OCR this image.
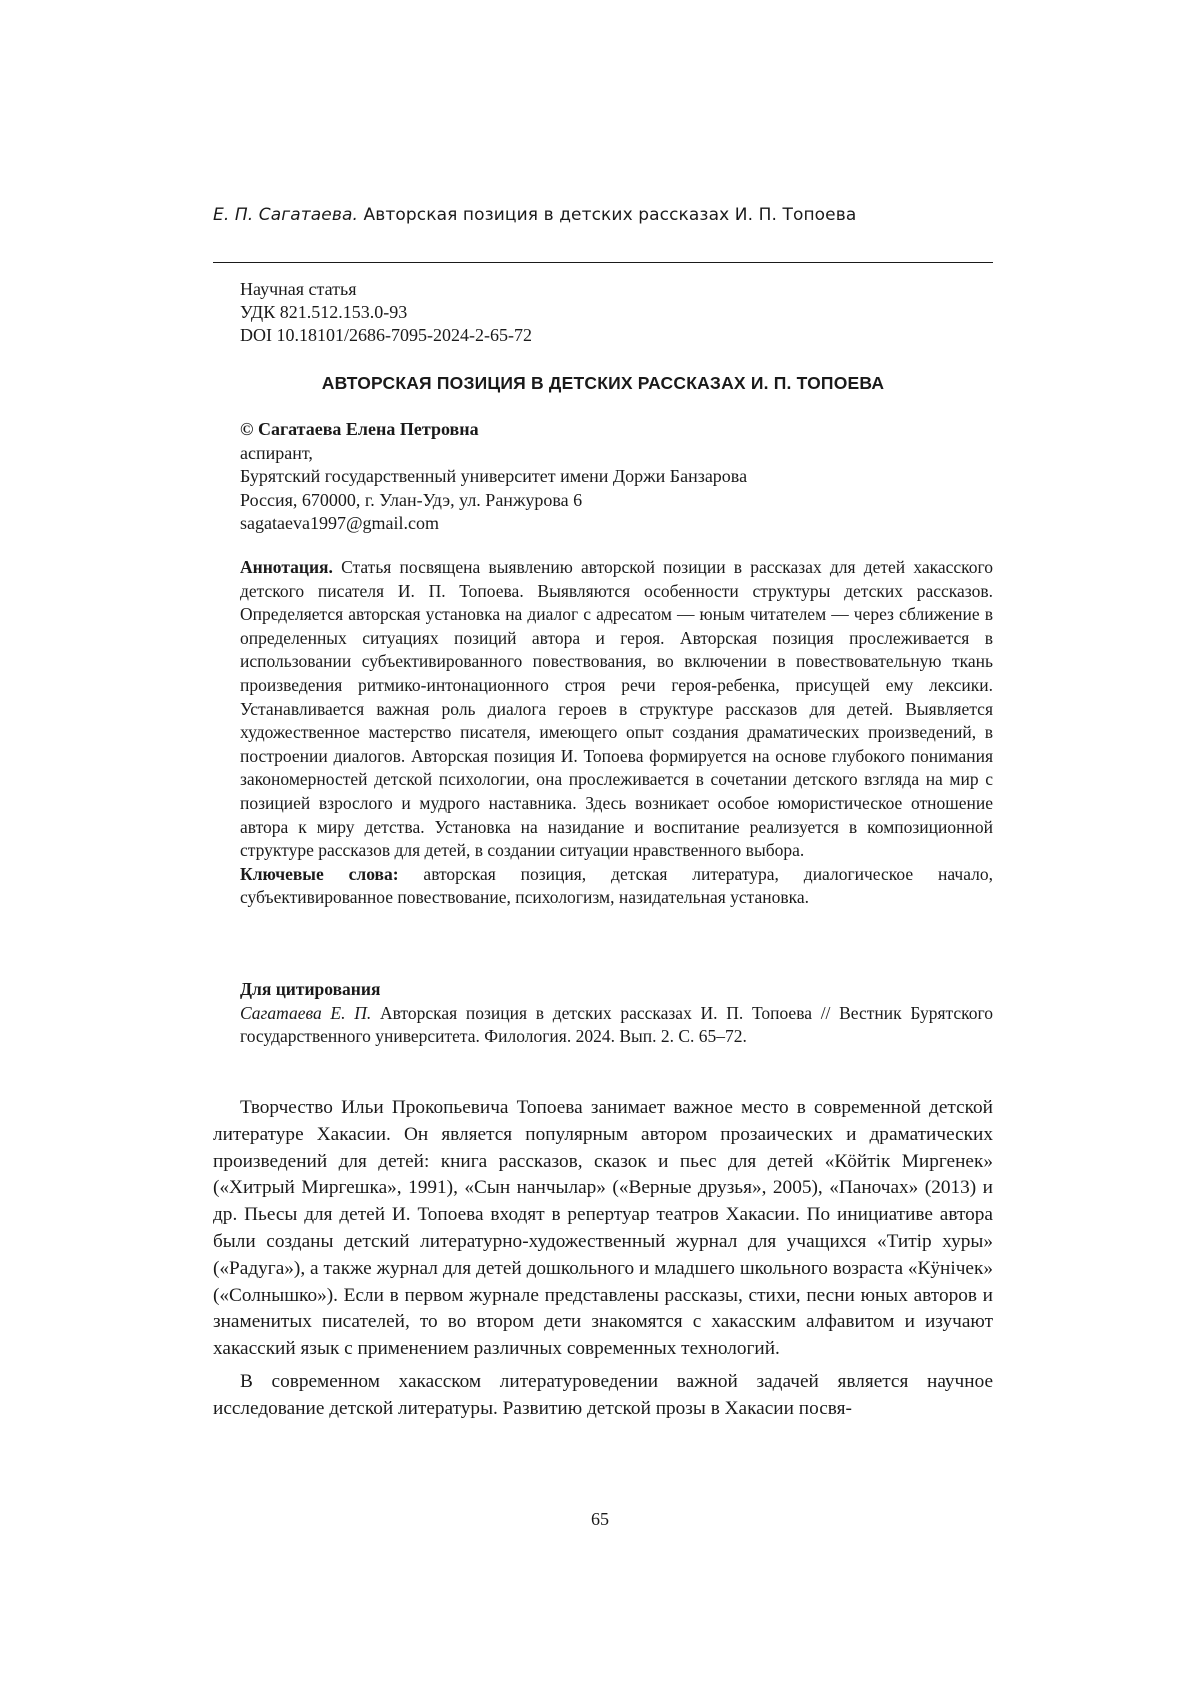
Е. П. Сагатаева. Авторская позиция в детских рассказах И. П. Топоева
Научная статья
УДК 821.512.153.0-93
DOI 10.18101/2686-7095-2024-2-65-72
АВТОРСКАЯ ПОЗИЦИЯ В ДЕТСКИХ РАССКАЗАХ И. П. ТОПОЕВА
© Сагатаева Елена Петровна
аспирант,
Бурятский государственный университет имени Доржи Банзарова
Россия, 670000, г. Улан-Удэ, ул. Ранжурова 6
sagataeva1997@gmail.com

Аннотация. Статья посвящена выявлению авторской позиции в рассказах для детей хакасского детского писателя И. П. Топоева. Выявляются особенности структуры детских рассказов. Определяется авторская установка на диалог с адресатом — юным читателем — через сближение в определенных ситуациях позиций автора и героя. Авторская позиция прослеживается в использовании субъективированного повествования, во включении в повествовательную ткань произведения ритмико-интонационного строя речи героя-ребенка, присущей ему лексики. Устанавливается важная роль диалога героев в структуре рассказов для детей. Выявляется художественное мастерство писателя, имеющего опыт создания драматических произведений, в построении диалогов. Авторская позиция И. Топоева формируется на основе глубокого понимания закономерностей детской психологии, она прослеживается в сочетании детского взгляда на мир с позицией взрослого и мудрого наставника. Здесь возникает особое юмористическое отношение автора к миру детства. Установка на назидание и воспитание реализуется в композиционной структуре рассказов для детей, в создании ситуации нравственного выбора.

Ключевые слова: авторская позиция, детская литература, диалогическое начало, субъективированное повествование, психологизм, назидательная установка.

Для цитирования
Сагатаева Е. П. Авторская позиция в детских рассказах И. П. Топоева // Вестник Бурятского государственного университета. Филология. 2024. Вып. 2. С. 65–72.

Творчество Ильи Прокопьевича Топоева занимает важное место в современной детской литературе Хакасии. Он является популярным автором прозаических и драматических произведений для детей: книга рассказов, сказок и пьес для детей «Кӧйтік Миргенек» («Хитрый Миргешка», 1991), «Сын нанчылар» («Верные друзья», 2005), «Паночах» (2013) и др. Пьесы для детей И. Топоева входят в репертуар театров Хакасии. По инициативе автора были созданы детский литературно-художественный журнал для учащихся «Титір хуры» («Радуга»), а также журнал для детей дошкольного и младшего школьного возраста «Кӱнічек» («Солнышко»). Если в первом журнале представлены рассказы, стихи, песни юных авторов и знаменитых писателей, то во втором дети знакомятся с хакасским алфавитом и изучают хакасский язык с применением различных современных технологий.

В современном хакасском литературоведении важной задачей является научное исследование детской литературы. Развитию детской прозы в Хакасии посвя-

65
